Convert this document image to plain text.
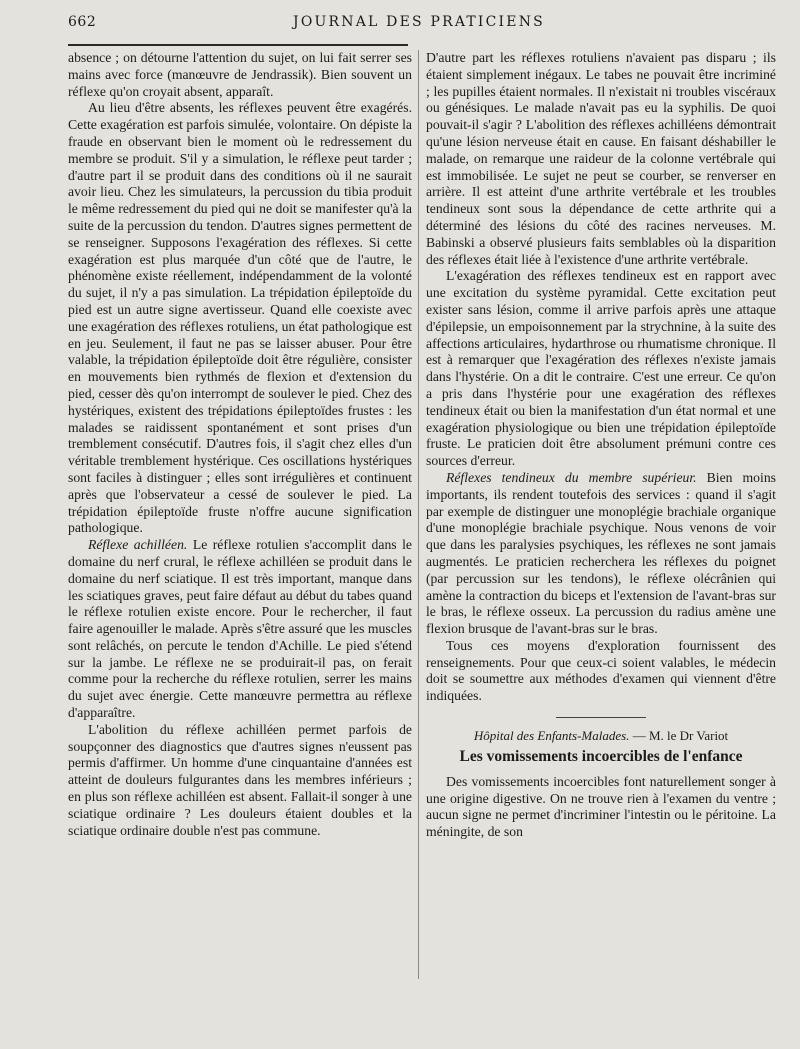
662	JOURNAL DES PRATICIENS

absence ; on détourne l'attention du sujet, on lui fait serrer ses mains avec force (manœuvre de Jendrassik). Bien souvent un réflexe qu'on croyait absent, apparaît.

Au lieu d'être absents, les réflexes peuvent être exagérés. Cette exagération est parfois simulée, volontaire. On dépiste la fraude en observant bien le moment où le redressement du membre se produit. S'il y a simulation, le réflexe peut tarder ; d'autre part il se produit dans des conditions où il ne saurait avoir lieu. Chez les simulateurs, la percussion du tibia produit le même redressement du pied qui ne doit se manifester qu'à la suite de la percussion du tendon. D'autres signes permettent de se renseigner. Supposons l'exagération des réflexes. Si cette exagération est plus marquée d'un côté que de l'autre, le phénomène existe réellement, indépendamment de la volonté du sujet, il n'y a pas simulation. La trépidation épileptoïde du pied est un autre signe avertisseur. Quand elle coexiste avec une exagération des réflexes rotuliens, un état pathologique est en jeu. Seulement, il faut ne pas se laisser abuser. Pour être valable, la trépidation épileptoïde doit être régulière, consister en mouvements bien rythmés de flexion et d'extension du pied, cesser dès qu'on interrompt de soulever le pied. Chez des hystériques, existent des trépidations épileptoïdes frustes : les malades se raidissent spontanément et sont prises d'un tremblement consécutif. D'autres fois, il s'agit chez elles d'un véritable tremblement hystérique. Ces oscillations hystériques sont faciles à distinguer ; elles sont irrégulières et continuent après que l'observateur a cessé de soulever le pied. La trépidation épileptoïde fruste n'offre aucune signification pathologique.

Réflexe achilléen. Le réflexe rotulien s'accomplit dans le domaine du nerf crural, le réflexe achilléen se produit dans le domaine du nerf sciatique. Il est très important, manque dans les sciatiques graves, peut faire défaut au début du tabes quand le réflexe rotulien existe encore. Pour le rechercher, il faut faire agenouiller le malade. Après s'être assuré que les muscles sont relâchés, on percute le tendon d'Achille. Le pied s'étend sur la jambe. Le réflexe ne se produirait-il pas, on ferait comme pour la recherche du réflexe rotulien, serrer les mains du sujet avec énergie. Cette manœuvre permettra au réflexe d'apparaître.

L'abolition du réflexe achilléen permet parfois de soupçonner des diagnostics que d'autres signes n'eussent pas permis d'affirmer. Un homme d'une cinquantaine d'années est atteint de douleurs fulgurantes dans les membres inférieurs ; en plus son réflexe achilléen est absent. Fallait-il songer à une sciatique ordinaire ? Les douleurs étaient doubles et la sciatique ordinaire double n'est pas commune.

D'autre part les réflexes rotuliens n'avaient pas disparu ; ils étaient simplement inégaux. Le tabes ne pouvait être incriminé ; les pupilles étaient normales. Il n'existait ni troubles viscéraux ou génésiques. Le malade n'avait pas eu la syphilis. De quoi pouvait-il s'agir ? L'abolition des réflexes achilléens démontrait qu'une lésion nerveuse était en cause. En faisant déshabiller le malade, on remarque une raideur de la colonne vertébrale qui est immobilisée. Le sujet ne peut se courber, se renverser en arrière. Il est atteint d'une arthrite vertébrale et les troubles tendineux sont sous la dépendance de cette arthrite qui a déterminé des lésions du côté des racines nerveuses. M. Babinski a observé plusieurs faits semblables où la disparition des réflexes était liée à l'existence d'une arthrite vertébrale.

L'exagération des réflexes tendineux est en rapport avec une excitation du système pyramidal. Cette excitation peut exister sans lésion, comme il arrive parfois après une attaque d'épilepsie, un empoisonnement par la strychnine, à la suite des affections articulaires, hydarthrose ou rhumatisme chronique. Il est à remarquer que l'exagération des réflexes n'existe jamais dans l'hystérie. On a dit le contraire. C'est une erreur. Ce qu'on a pris dans l'hystérie pour une exagération des réflexes tendineux était ou bien la manifestation d'un état normal et une exagération physiologique ou bien une trépidation épileptoïde fruste. Le praticien doit être absolument prémuni contre ces sources d'erreur.

Réflexes tendineux du membre supérieur. Bien moins importants, ils rendent toutefois des services : quand il s'agit par exemple de distinguer une monoplégie brachiale organique d'une monoplégie brachiale psychique. Nous venons de voir que dans les paralysies psychiques, les réflexes ne sont jamais augmentés. Le praticien recherchera les réflexes du poignet (par percussion sur les tendons), le réflexe olécrânien qui amène la contraction du biceps et l'extension de l'avant-bras sur le bras, le réflexe osseux. La percussion du radius amène une flexion brusque de l'avant-bras sur le bras.

Tous ces moyens d'exploration fournissent des renseignements. Pour que ceux-ci soient valables, le médecin doit se soumettre aux méthodes d'examen qui viennent d'être indiquées.

Hôpital des Enfants-Malades. — M. le Dr Variot
Les vomissements incoercibles de l'enfance

Des vomissements incoercibles font naturellement songer à une origine digestive. On ne trouve rien à l'examen du ventre ; aucun signe ne permet d'incriminer l'intestin ou le péritoine. La méningite, de son
